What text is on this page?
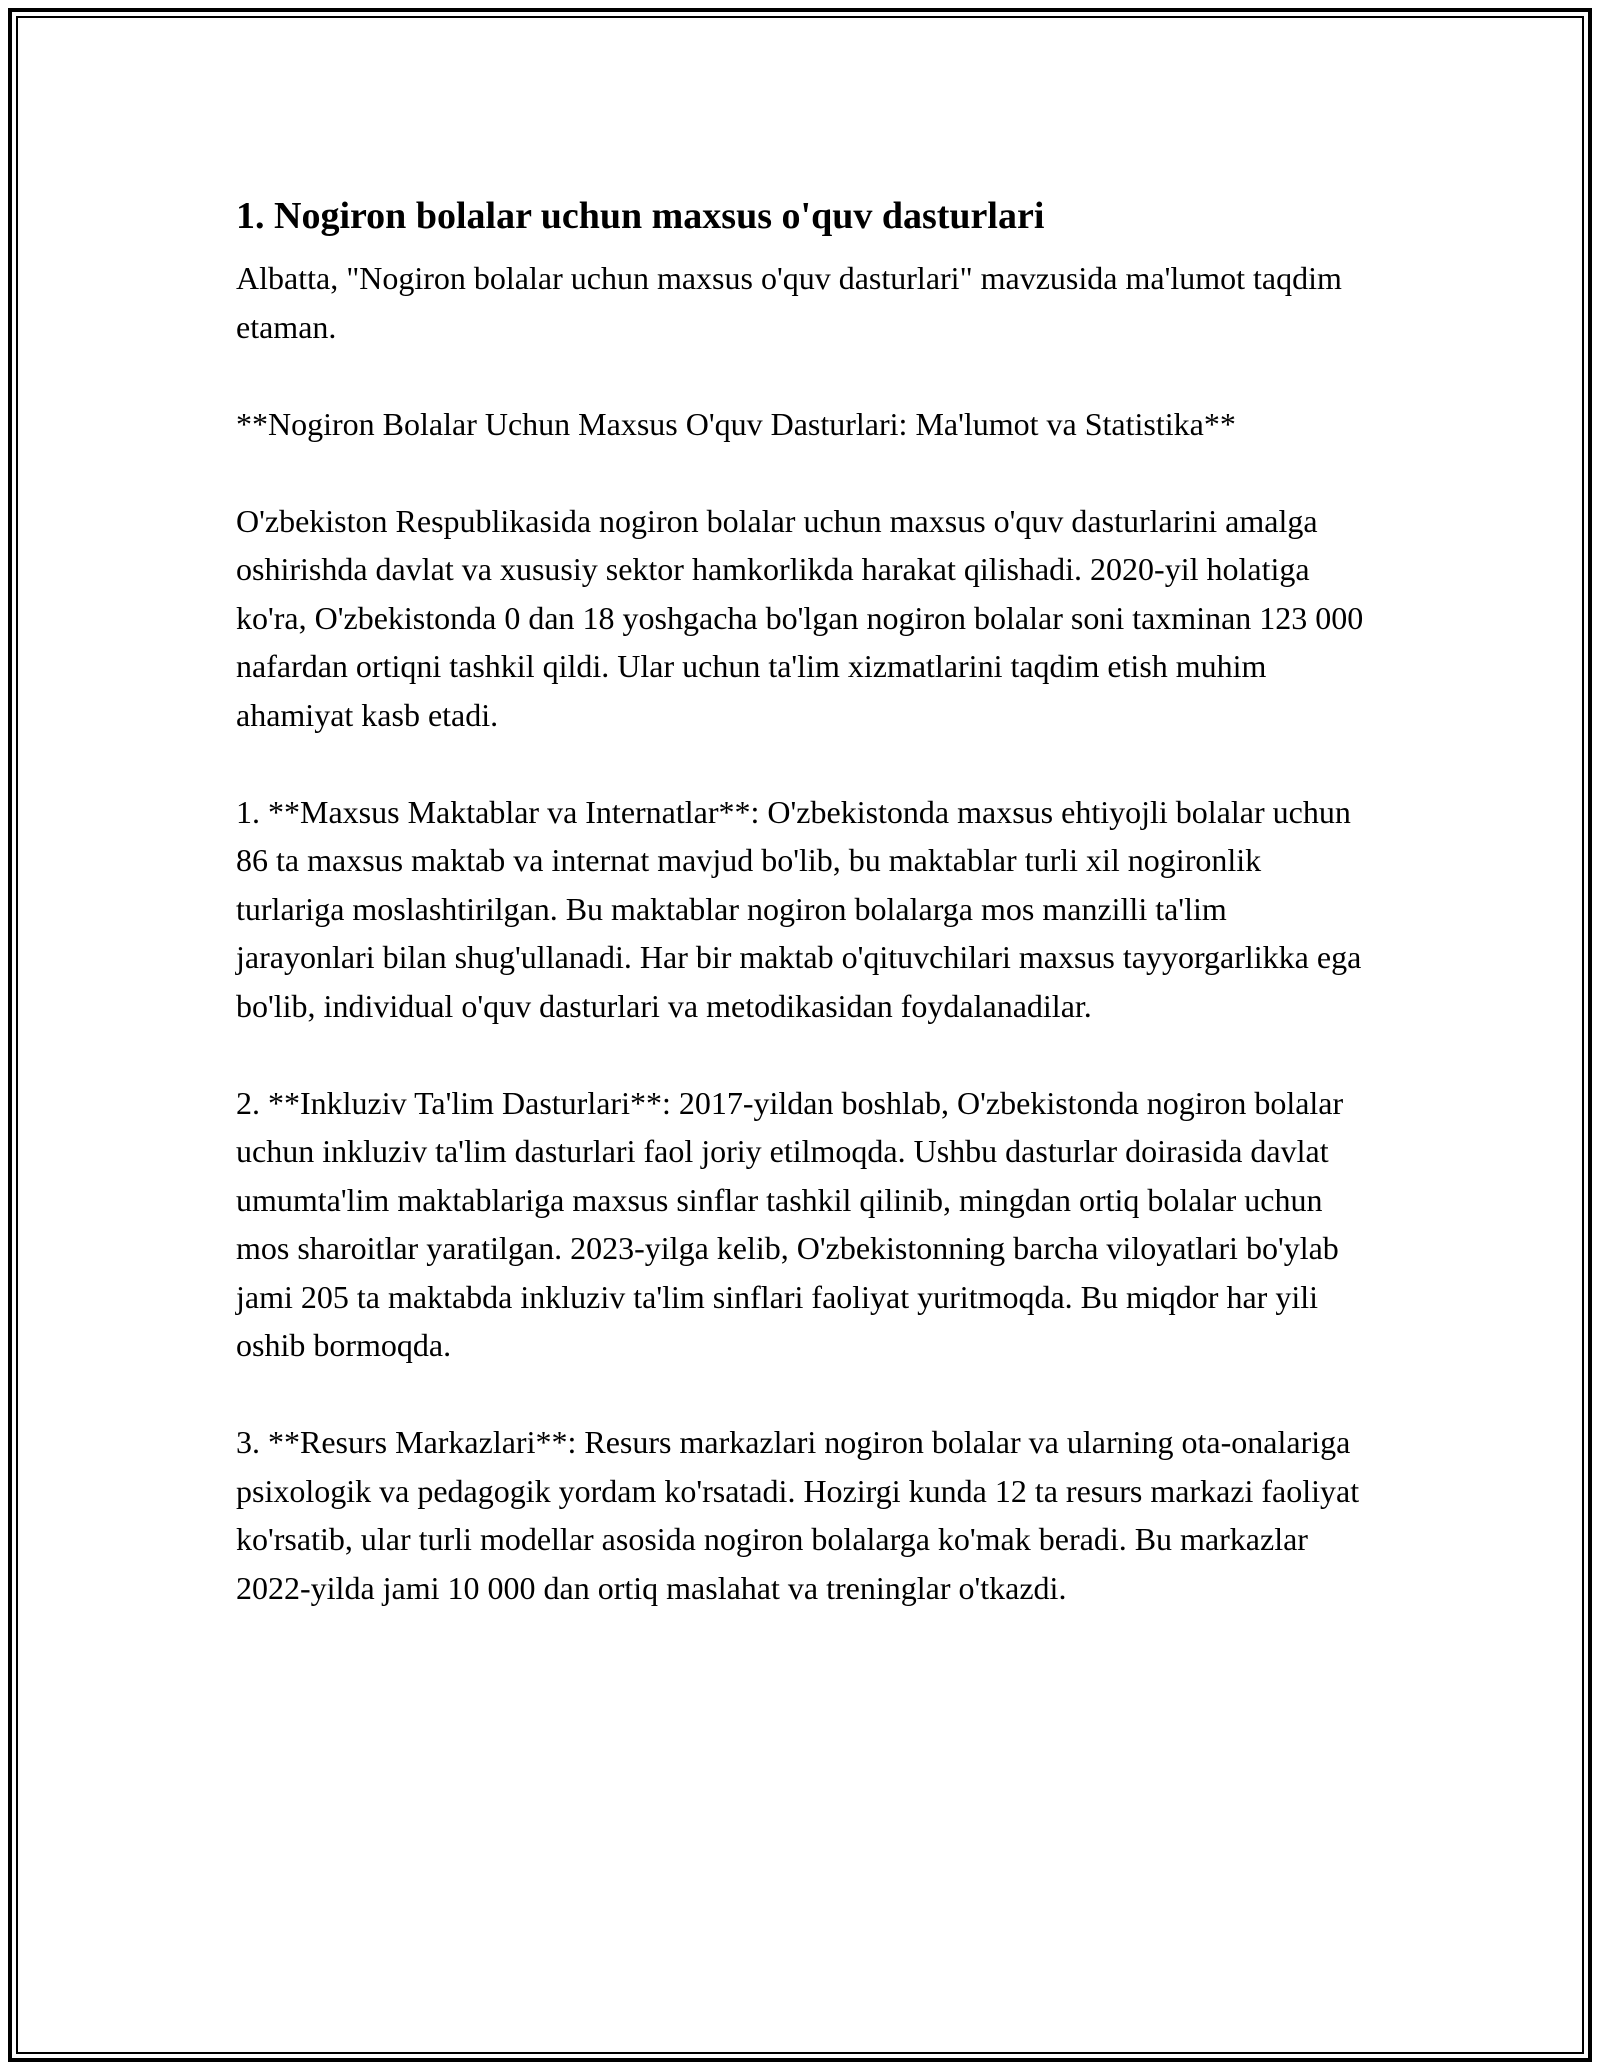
1. Nogiron bolalar uchun maxsus o'quv dasturlari

Albatta, "Nogiron bolalar uchun maxsus o'quv dasturlari" mavzusida ma'lumot taqdim etaman.

**Nogiron Bolalar Uchun Maxsus O'quv Dasturlari: Ma'lumot va Statistika**

O'zbekiston Respublikasida nogiron bolalar uchun maxsus o'quv dasturlarini amalga oshirishda davlat va xususiy sektor hamkorlikda harakat qilishadi. 2020-yil holatiga ko'ra, O'zbekistonda 0 dan 18 yoshgacha bo'lgan nogiron bolalar soni taxminan 123 000 nafardan ortiqni tashkil qildi. Ular uchun ta'lim xizmatlarini taqdim etish muhim ahamiyat kasb etadi.

1. **Maxsus Maktablar va Internatlar**: O'zbekistonda maxsus ehtiyojli bolalar uchun 86 ta maxsus maktab va internat mavjud bo'lib, bu maktablar turli xil nogironlik turlariga moslashtirilgan. Bu maktablar nogiron bolalarga mos manzilli ta'lim jarayonlari bilan shug'ullanadi. Har bir maktab o'qituvchilari maxsus tayyorgarlikka ega bo'lib, individual o'quv dasturlari va metodikasidan foydalanadilar.

2. **Inkluziv Ta'lim Dasturlari**: 2017-yildan boshlab, O'zbekistonda nogiron bolalar uchun inkluziv ta'lim dasturlari faol joriy etilmoqda. Ushbu dasturlar doirasida davlat umumta'lim maktablariga maxsus sinflar tashkil qilinib, mingdan ortiq bolalar uchun mos sharoitlar yaratilgan. 2023-yilga kelib, O'zbekistonning barcha viloyatlari bo'ylab jami 205 ta maktabda inkluziv ta'lim sinflari faoliyat yuritmoqda. Bu miqdor har yili oshib bormoqda.

3. **Resurs Markazlari**: Resurs markazlari nogiron bolalar va ularning ota-onalariga psixologik va pedagogik yordam ko'rsatadi. Hozirgi kunda 12 ta resurs markazi faoliyat ko'rsatib, ular turli modellar asosida nogiron bolalarga ko'mak beradi. Bu markazlar 2022-yilda jami 10 000 dan ortiq maslahat va treninglar o'tkazdi.
